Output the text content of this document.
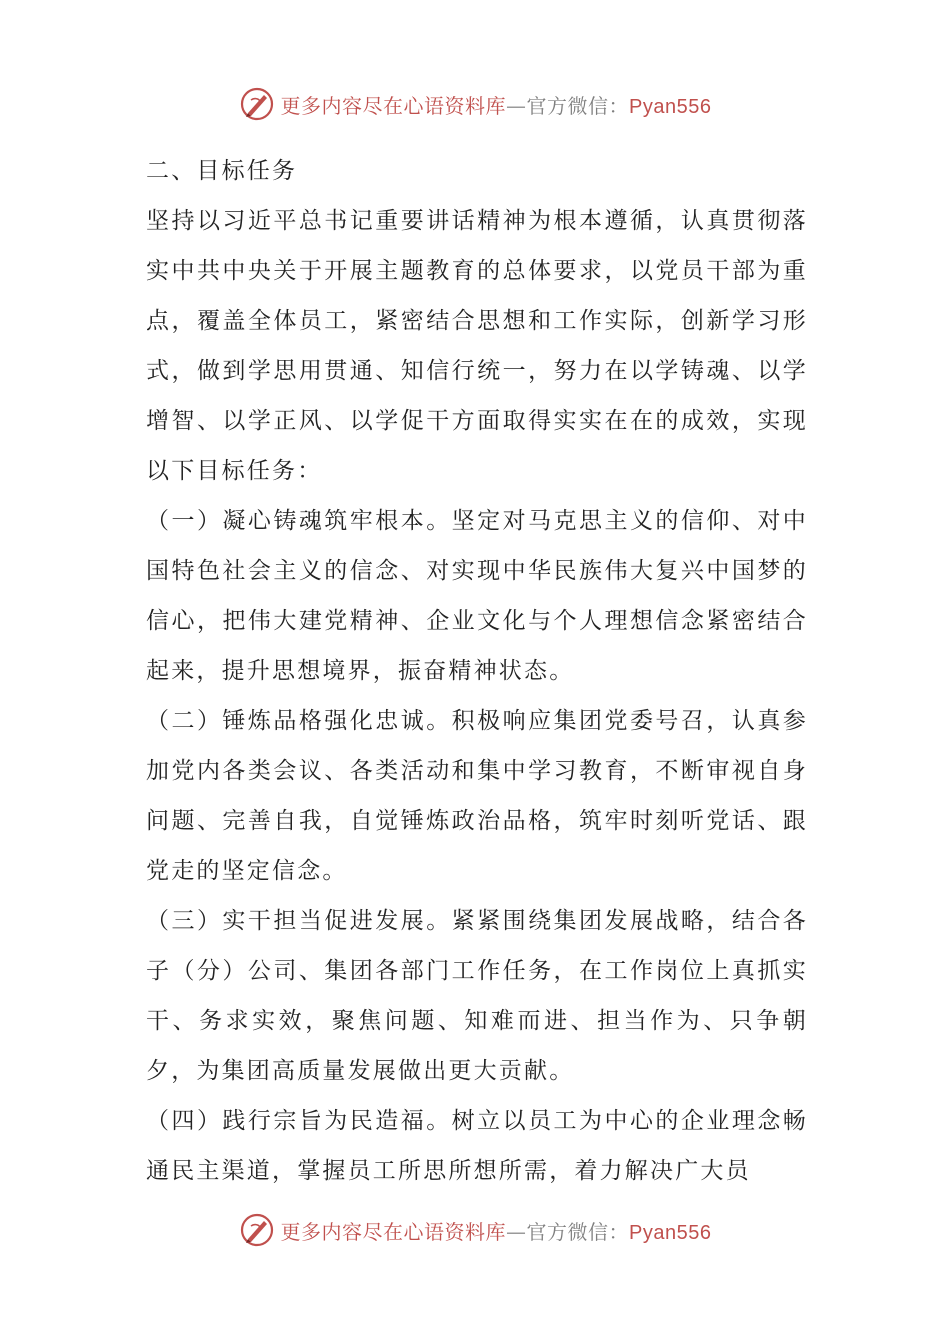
更多内容尽在心语资料库—官方微信：Pyan556

二、目标任务

坚持以习近平总书记重要讲话精神为根本遵循，认真贯彻落实中共中央关于开展主题教育的总体要求，以党员干部为重点，覆盖全体员工，紧密结合思想和工作实际，创新学习形式，做到学思用贯通、知信行统一，努力在以学铸魂、以学增智、以学正风、以学促干方面取得实实在在的成效，实现以下目标任务：

（一）凝心铸魂筑牢根本。坚定对马克思主义的信仰、对中国特色社会主义的信念、对实现中华民族伟大复兴中国梦的信心，把伟大建党精神、企业文化与个人理想信念紧密结合起来，提升思想境界，振奋精神状态。

（二）锤炼品格强化忠诚。积极响应集团党委号召，认真参加党内各类会议、各类活动和集中学习教育，不断审视自身问题、完善自我，自觉锤炼政治品格，筑牢时刻听党话、跟党走的坚定信念。

（三）实干担当促进发展。紧紧围绕集团发展战略，结合各子（分）公司、集团各部门工作任务，在工作岗位上真抓实干、务求实效，聚焦问题、知难而进、担当作为、只争朝夕，为集团高质量发展做出更大贡献。

（四）践行宗旨为民造福。树立以员工为中心的企业理念畅通民主渠道，掌握员工所思所想所需，着力解决广大员

更多内容尽在心语资料库—官方微信：Pyan556
